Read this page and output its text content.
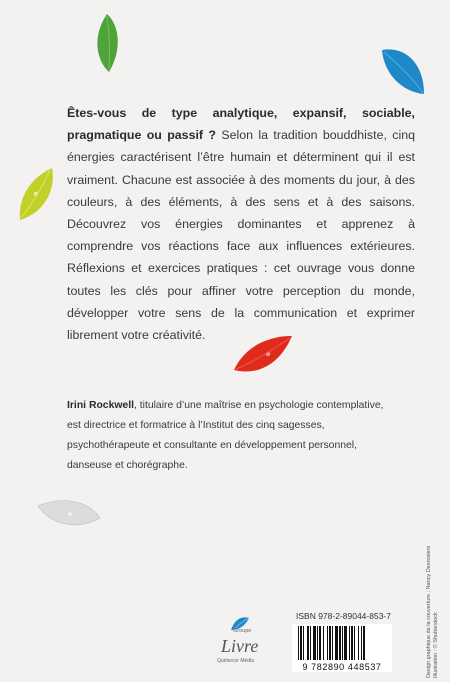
Êtes-vous de type analytique, expansif, sociable, pragmatique ou passif ? Selon la tradition bouddhiste, cinq énergies caractérisent l’être humain et déterminent qui il est vraiment. Chacune est associée à des moments du jour, à des couleurs, à des éléments, à des sens et à des saisons. Découvrez vos énergies dominantes et apprenez à comprendre vos réactions face aux influences extérieures. Réflexions et exercices pratiques : cet ouvrage vous donne toutes les clés pour affiner votre perception du monde, développer votre sens de la communication et exprimer librement votre créativité.

Irini Rockwell, titulaire d’une maîtrise en psychologie contemplative, est directrice et formatrice à l’Institut des cinq sagesses, psychothérapeute et consultante en développement personnel, danseuse et chorégraphe.

Groupe
Livre
Québecor Média
ISBN 978-2-89044-853-7
9 782890 448537	Design graphique de la couverture : Nancy Desrosiers Illustration : © Shutterstock
